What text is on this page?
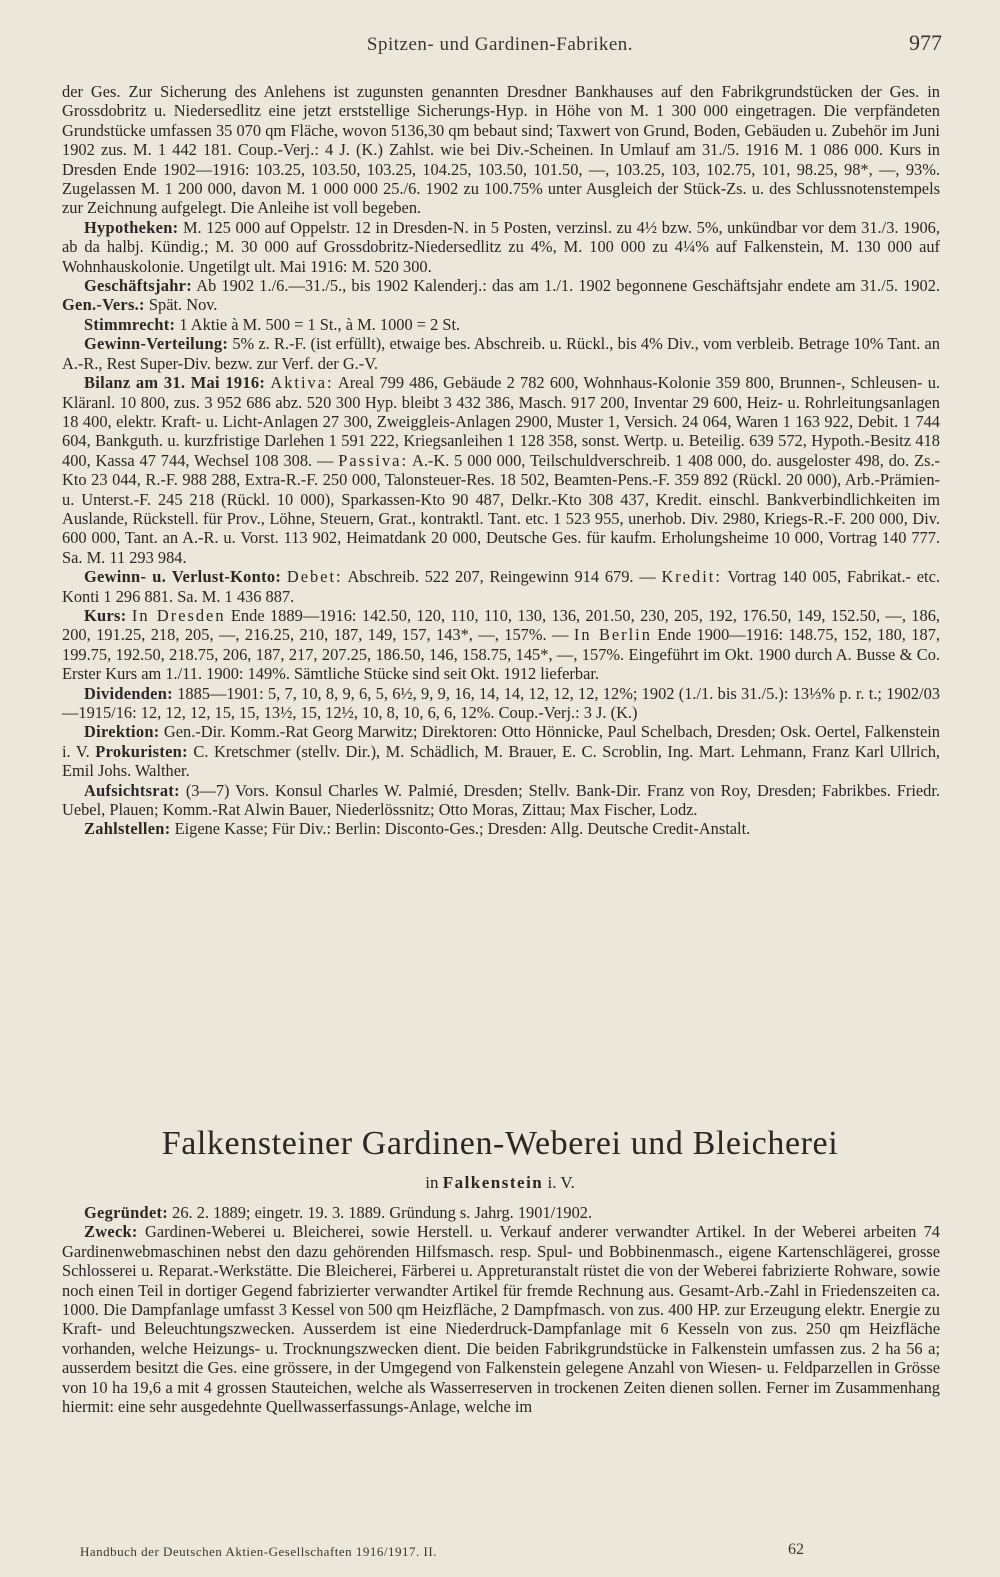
Spitzen- und Gardinen-Fabriken.	977

der Ges. Zur Sicherung des Anlehens ist zugunsten genannten Dresdner Bankhauses auf den Fabrikgrundstücken der Ges. in Grossdobritz u. Niedersedlitz eine jetzt erststellige Sicherungs-Hyp. in Höhe von M. 1 300 000 eingetragen. Die verpfändeten Grundstücke umfassen 35 070 qm Fläche, wovon 5136,30 qm bebaut sind; Taxwert von Grund, Boden, Gebäuden u. Zubehör im Juni 1902 zus. M. 1 442 181. Coup.-Verj.: 4 J. (K.) Zahlst. wie bei Div.-Scheinen. In Umlauf am 31./5. 1916 M. 1 086 000. Kurs in Dresden Ende 1902—1916: 103.25, 103.50, 103.25, 104.25, 103.50, 101.50, —, 103.25, 103, 102.75, 101, 98.25, 98*, —, 93%. Zugelassen M. 1 200 000, davon M. 1 000 000 25./6. 1902 zu 100.75% unter Ausgleich der Stück-Zs. u. des Schlussnotenstempels zur Zeichnung aufgelegt. Die Anleihe ist voll begeben.

Hypotheken: M. 125 000 auf Oppelstr. 12 in Dresden-N. in 5 Posten, verzinsl. zu 4½ bzw. 5%, unkündbar vor dem 31./3. 1906, ab da halbj. Kündig.; M. 30 000 auf Grossdobritz-Niedersedlitz zu 4%, M. 100 000 zu 4¼% auf Falkenstein, M. 130 000 auf Wohnhauskolonie. Ungetilgt ult. Mai 1916: M. 520 300.

Geschäftsjahr: Ab 1902 1./6.—31./5., bis 1902 Kalenderj.: das am 1./1. 1902 begonnene Geschäftsjahr endete am 31./5. 1902. Gen.-Vers.: Spät. Nov.

Stimmrecht: 1 Aktie à M. 500 = 1 St., à M. 1000 = 2 St.

Gewinn-Verteilung: 5% z. R.-F. (ist erfüllt), etwaige bes. Abschreib. u. Rückl., bis 4% Div., vom verbleib. Betrage 10% Tant. an A.-R., Rest Super-Div. bezw. zur Verf. der G.-V.

Bilanz am 31. Mai 1916: Aktiva: Areal 799 486, Gebäude 2 782 600, Wohnhaus-Kolonie 359 800, Brunnen-, Schleusen- u. Kläranl. 10 800, zus. 3 952 686 abz. 520 300 Hyp. bleibt 3 432 386, Masch. 917 200, Inventar 29 600, Heiz- u. Rohrleitungsanlagen 18 400, elektr. Kraft- u. Licht-Anlagen 27 300, Zweiggleis-Anlagen 2900, Muster 1, Versich. 24 064, Waren 1 163 922, Debit. 1 744 604, Bankguth. u. kurzfristige Darlehen 1 591 222, Kriegsanleihen 1 128 358, sonst. Wertp. u. Beteilig. 639 572, Hypoth.-Besitz 418 400, Kassa 47 744, Wechsel 108 308. — Passiva: A.-K. 5 000 000, Teilschuldverschreib. 1 408 000, do. ausgeloster 498, do. Zs.-Kto 23 044, R.-F. 988 288, Extra-R.-F. 250 000, Talonsteuer-Res. 18 502, Beamten-Pens.-F. 359 892 (Rückl. 20 000), Arb.-Prämien- u. Unterst.-F. 245 218 (Rückl. 10 000), Sparkassen-Kto 90 487, Delkr.-Kto 308 437, Kredit. einschl. Bankverbindlichkeiten im Auslande, Rückstell. für Prov., Löhne, Steuern, Grat., kontraktl. Tant. etc. 1 523 955, unerhob. Div. 2980, Kriegs-R.-F. 200 000, Div. 600 000, Tant. an A.-R. u. Vorst. 113 902, Heimatdank 20 000, Deutsche Ges. für kaufm. Erholungsheime 10 000, Vortrag 140 777. Sa. M. 11 293 984.

Gewinn- u. Verlust-Konto: Debet: Abschreib. 522 207, Reingewinn 914 679. — Kredit: Vortrag 140 005, Fabrikat.- etc. Konti 1 296 881. Sa. M. 1 436 887.

Kurs: In Dresden Ende 1889—1916: 142.50, 120, 110, 110, 130, 136, 201.50, 230, 205, 192, 176.50, 149, 152.50, —, 186, 200, 191.25, 218, 205, —, 216.25, 210, 187, 149, 157, 143*, —, 157%. — In Berlin Ende 1900—1916: 148.75, 152, 180, 187, 199.75, 192.50, 218.75, 206, 187, 217, 207.25, 186.50, 146, 158.75, 145*, —, 157%. Eingeführt im Okt. 1900 durch A. Busse & Co. Erster Kurs am 1./11. 1900: 149%. Sämtliche Stücke sind seit Okt. 1912 lieferbar.

Dividenden: 1885—1901: 5, 7, 10, 8, 9, 6, 5, 6½, 9, 9, 16, 14, 14, 12, 12, 12, 12%; 1902 (1./1. bis 31./5.): 13⅓% p. r. t.; 1902/03—1915/16: 12, 12, 12, 15, 15, 13½, 15, 12½, 10, 8, 10, 6, 6, 12%. Coup.-Verj.: 3 J. (K.)

Direktion: Gen.-Dir. Komm.-Rat Georg Marwitz; Direktoren: Otto Hönnicke, Paul Schelbach, Dresden; Osk. Oertel, Falkenstein i. V. Prokuristen: C. Kretschmer (stellv. Dir.), M. Schädlich, M. Brauer, E. C. Scroblin, Ing. Mart. Lehmann, Franz Karl Ullrich, Emil Johs. Walther.

Aufsichtsrat: (3—7) Vors. Konsul Charles W. Palmié, Dresden; Stellv. Bank-Dir. Franz von Roy, Dresden; Fabrikbes. Friedr. Uebel, Plauen; Komm.-Rat Alwin Bauer, Niederlössnitz; Otto Moras, Zittau; Max Fischer, Lodz.

Zahlstellen: Eigene Kasse; Für Div.: Berlin: Disconto-Ges.; Dresden: Allg. Deutsche Credit-Anstalt.

Falkensteiner Gardinen-Weberei und Bleicherei
in Falkenstein i. V.

Gegründet: 26. 2. 1889; eingetr. 19. 3. 1889. Gründung s. Jahrg. 1901/1902.

Zweck: Gardinen-Weberei u. Bleicherei, sowie Herstell. u. Verkauf anderer verwandter Artikel. In der Weberei arbeiten 74 Gardinenwebmaschinen nebst den dazu gehörenden Hilfsmasch. resp. Spul- und Bobbinenmasch., eigene Kartenschlägerei, grosse Schlosserei u. Reparat.-Werkstätte. Die Bleicherei, Färberei u. Appreturanstalt rüstet die von der Weberei fabrizierte Rohware, sowie noch einen Teil in dortiger Gegend fabrizierter verwandter Artikel für fremde Rechnung aus. Gesamt-Arb.-Zahl in Friedenszeiten ca. 1000. Die Dampfanlage umfasst 3 Kessel von 500 qm Heizfläche, 2 Dampfmasch. von zus. 400 HP. zur Erzeugung elektr. Energie zu Kraft- und Beleuchtungszwecken. Ausserdem ist eine Niederdruck-Dampfanlage mit 6 Kesseln von zus. 250 qm Heizfläche vorhanden, welche Heizungs- u. Trocknungszwecken dient. Die beiden Fabrikgrundstücke in Falkenstein umfassen zus. 2 ha 56 a; ausserdem besitzt die Ges. eine grössere, in der Umgegend von Falkenstein gelegene Anzahl von Wiesen- u. Feldparzellen in Grösse von 10 ha 19,6 a mit 4 grossen Stauteichen, welche als Wasserreserven in trockenen Zeiten dienen sollen. Ferner im Zusammenhang hiermit: eine sehr ausgedehnte Quellwasserfassungs-Anlage, welche im

Handbuch der Deutschen Aktien-Gesellschaften 1916/1917. II.	62
